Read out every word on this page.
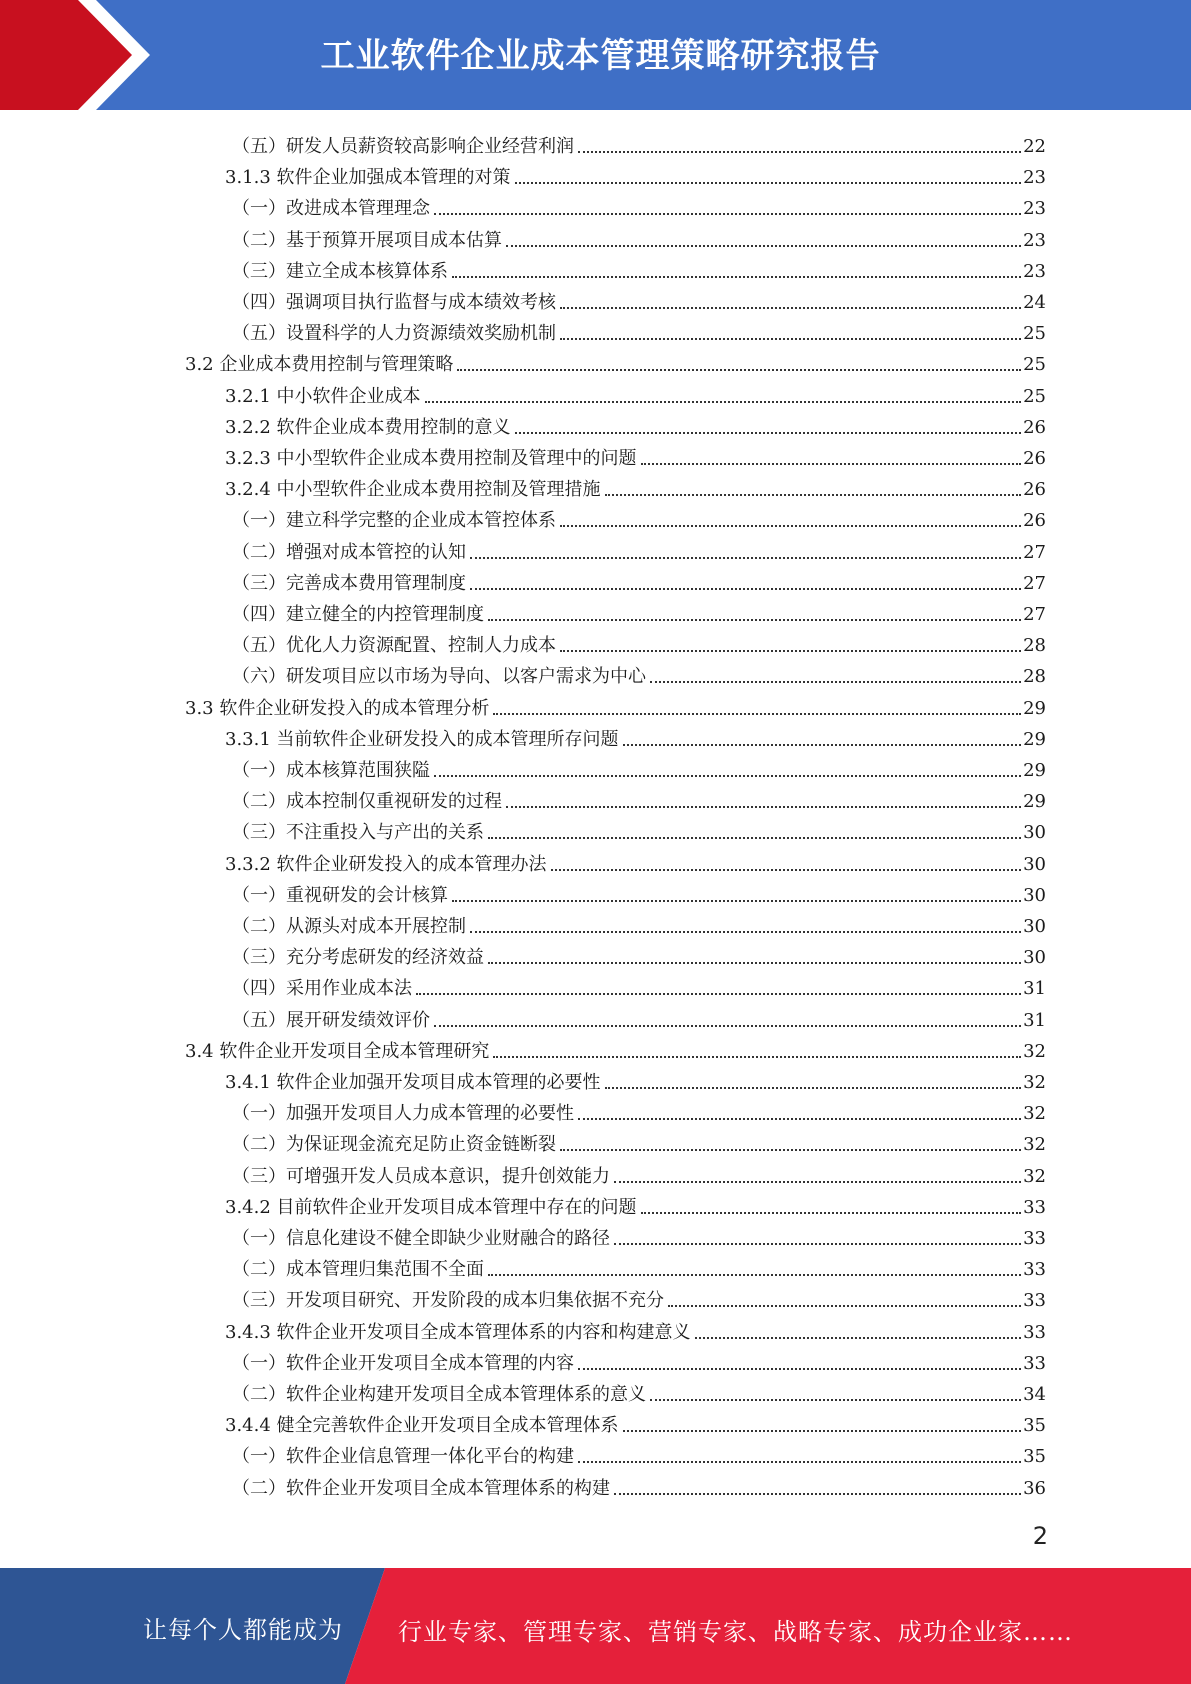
工业软件企业成本管理策略研究报告
（五）研发人员薪资较高影响企业经营利润	22
3.1.3 软件企业加强成本管理的对策	23
（一）改进成本管理理念	23
（二）基于预算开展项目成本估算	23
（三）建立全成本核算体系	23
（四）强调项目执行监督与成本绩效考核	24
（五）设置科学的人力资源绩效奖励机制	25
3.2 企业成本费用控制与管理策略	25
3.2.1 中小软件企业成本	25
3.2.2 软件企业成本费用控制的意义	26
3.2.3 中小型软件企业成本费用控制及管理中的问题	26
3.2.4 中小型软件企业成本费用控制及管理措施	26
（一）建立科学完整的企业成本管控体系	26
（二）增强对成本管控的认知	27
（三）完善成本费用管理制度	27
（四）建立健全的内控管理制度	27
（五）优化人力资源配置、控制人力成本	28
（六）研发项目应以市场为导向、以客户需求为中心	28
3.3 软件企业研发投入的成本管理分析	29
3.3.1 当前软件企业研发投入的成本管理所存问题	29
（一）成本核算范围狭隘	29
（二）成本控制仅重视研发的过程	29
（三）不注重投入与产出的关系	30
3.3.2 软件企业研发投入的成本管理办法	30
（一）重视研发的会计核算	30
（二）从源头对成本开展控制	30
（三）充分考虑研发的经济效益	30
（四）采用作业成本法	31
（五）展开研发绩效评价	31
3.4 软件企业开发项目全成本管理研究	32
3.4.1 软件企业加强开发项目成本管理的必要性	32
（一）加强开发项目人力成本管理的必要性	32
（二）为保证现金流充足防止资金链断裂	32
（三）可增强开发人员成本意识，提升创效能力	32
3.4.2 目前软件企业开发项目成本管理中存在的问题	33
（一）信息化建设不健全即缺少业财融合的路径	33
（二）成本管理归集范围不全面	33
（三）开发项目研究、开发阶段的成本归集依据不充分	33
3.4.3 软件企业开发项目全成本管理体系的内容和构建意义	33
（一）软件企业开发项目全成本管理的内容	33
（二）软件企业构建开发项目全成本管理体系的意义	34
3.4.4 健全完善软件企业开发项目全成本管理体系	35
（一）软件企业信息管理一体化平台的构建	35
（二）软件企业开发项目全成本管理体系的构建	36
2
让每个人都能成为 行业专家、管理专家、营销专家、战略专家、成功企业家……
